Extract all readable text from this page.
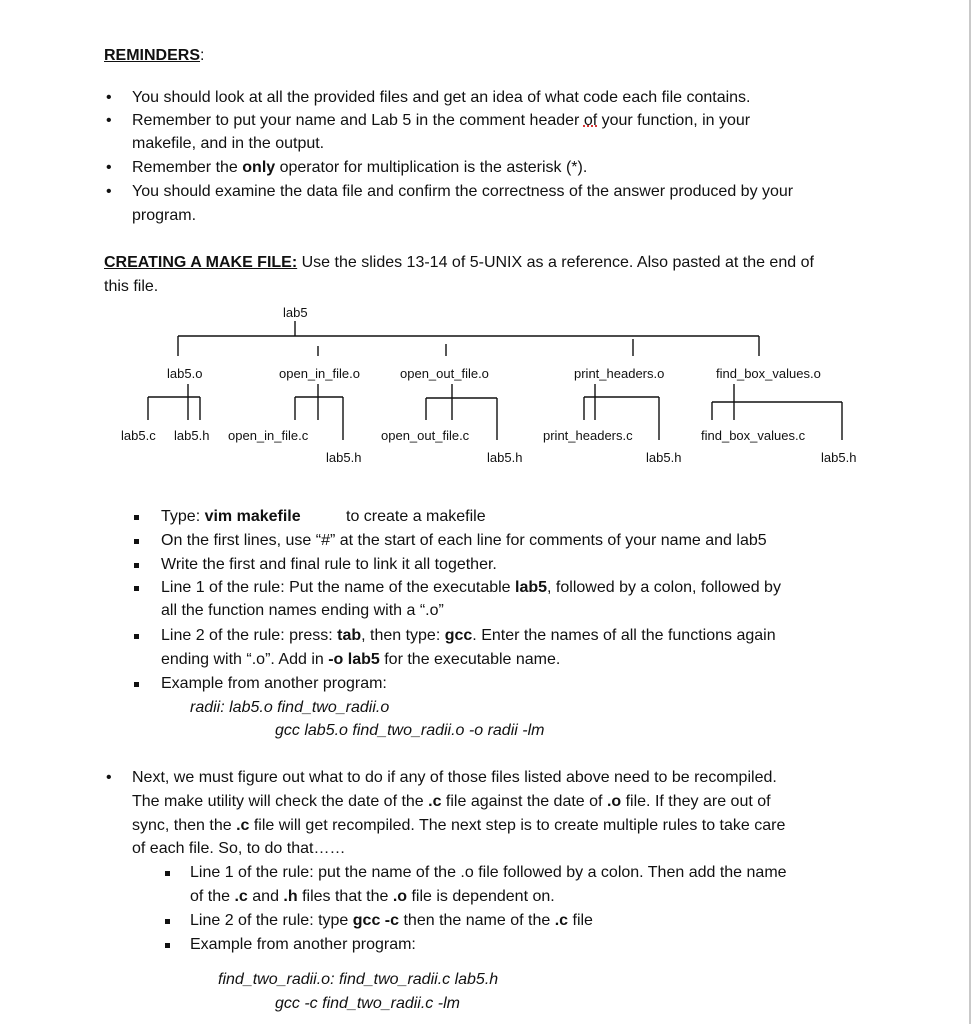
REMINDERS:
• You should look at all the provided files and get an idea of what code each file contains.
• Remember to put your name and Lab 5 in the comment header of your function, in your
makefile, and in the output.
• Remember the only operator for multiplication is the asterisk (*).
• You should examine the data file and confirm the correctness of the answer produced by your
program.
CREATING A MAKE FILE: Use the slides 13-14 of 5-UNIX as a reference. Also pasted at the end of
this file.
lab5
lab5.o	open_in_file.o	open_out_file.o	print_headers.o	find_box_values.o
lab5.c lab5.h open_in_file.c	open_out_file.c	print_headers.c	find_box_values.c
lab5.h	lab5.h	lab5.h	lab5.h
Type: vim makefile	to create a makefile
On the first lines, use “#” at the start of each line for comments of your name and lab5
Write the first and final rule to link it all together.
Line 1 of the rule: Put the name of the executable lab5, followed by a colon, followed by
all the function names ending with a “.o”
Line 2 of the rule: press: tab, then type: gcc. Enter the names of all the functions again
ending with “.o”. Add in -o lab5 for the executable name.
Example from another program:
radii: lab5.o find_two_radii.o
gcc lab5.o find_two_radii.o -o radii -lm
• Next, we must figure out what to do if any of those files listed above need to be recompiled.
The make utility will check the date of the .c file against the date of .o file. If they are out of
sync, then the .c file will get recompiled. The next step is to create multiple rules to take care
of each file. So, to do that……
Line 1 of the rule: put the name of the .o file followed by a colon. Then add the name
of the .c and .h files that the .o file is dependent on.
Line 2 of the rule: type gcc -c then the name of the .c file
Example from another program:
find_two_radii.o: find_two_radii.c lab5.h
gcc -c find_two_radii.c -lm
